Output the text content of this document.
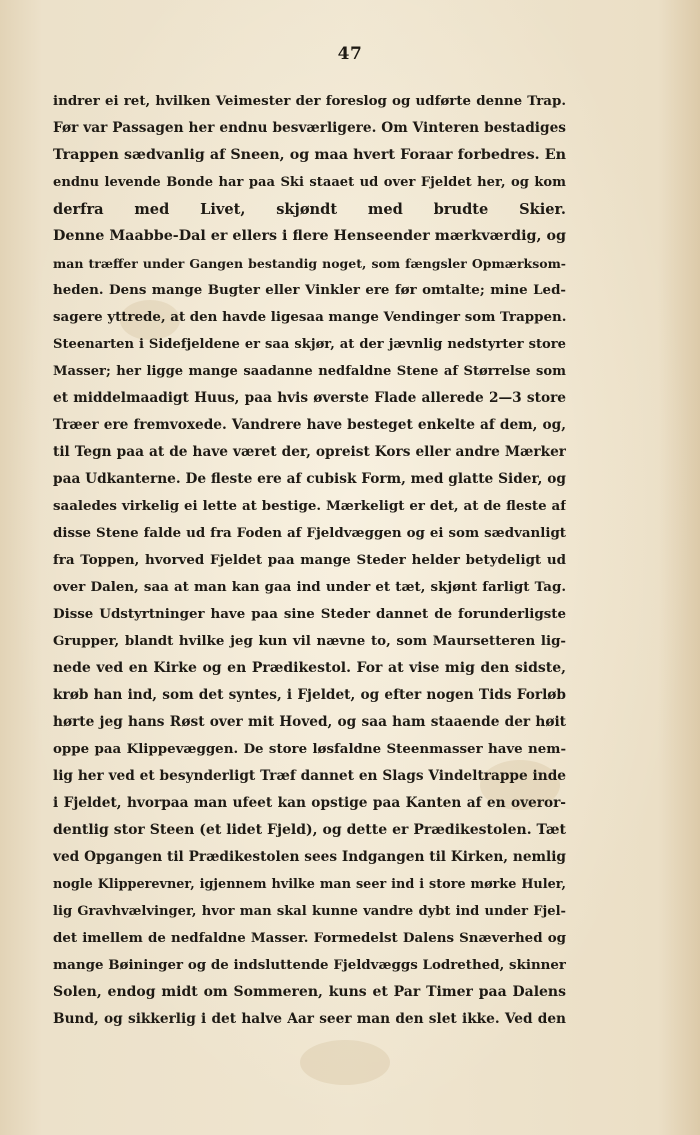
47
indrer ei ret, hvilken Veimester der foreslog og udførte denne Trap.
Før var Passagen her endnu besværligere. Om Vinteren bestadiges
Trappen sædvanlig af Sneen, og maa hvert Foraar forbedres. En
endnu levende Bonde har paa Ski staaet ud over Fjeldet her, og kom
derfra med Livet, skjøndt med brudte Skier.
Denne Maabbe-Dal er ellers i flere Henseender mærkværdig, og
man træffer under Gangen bestandig noget, som fængsler Opmærksom-
heden. Dens mange Bugter eller Vinkler ere før omtalte; mine Led-
sagere yttrede, at den havde ligesaa mange Vendinger som Trappen.
Steenarten i Sidefjeldene er saa skjør, at der jævnlig nedstyrter store
Masser; her ligge mange saadanne nedfaldne Stene af Størrelse som
et middelmaadigt Huus, paa hvis øverste Flade allerede 2—3 store
Træer ere fremvoxede. Vandrere have besteget enkelte af dem, og,
til Tegn paa at de have været der, opreist Kors eller andre Mærker
paa Udkanterne. De fleste ere af cubisk Form, med glatte Sider, og
saaledes virkelig ei lette at bestige. Mærkeligt er det, at de fleste af
disse Stene falde ud fra Foden af Fjeldvæggen og ei som sædvanligt
fra Toppen, hvorved Fjeldet paa mange Steder helder betydeligt ud
over Dalen, saa at man kan gaa ind under et tæt, skjønt farligt Tag.
Disse Udstyrtninger have paa sine Steder dannet de forunderligste
Grupper, blandt hvilke jeg kun vil nævne to, som Maursetteren lig-
nede ved en Kirke og en Prædikestol. For at vise mig den sidste,
krøb han ind, som det syntes, i Fjeldet, og efter nogen Tids Forløb
hørte jeg hans Røst over mit Hoved, og saa ham staaende der høit
oppe paa Klippevæggen. De store løsfaldne Steenmasser have nem-
lig her ved et besynderligt Træf dannet en Slags Vindeltrappe inde
i Fjeldet, hvorpaa man ufeet kan opstige paa Kanten af en overor-
dentlig stor Steen (et lidet Fjeld), og dette er Prædikestolen. Tæt
ved Opgangen til Prædikestolen sees Indgangen til Kirken, nemlig
nogle Klipperevner, igjennem hvilke man seer ind i store mørke Huler,
lig Gravhvælvinger, hvor man skal kunne vandre dybt ind under Fjel-
det imellem de nedfaldne Masser. Formedelst Dalens Snæverhed og
mange Bøininger og de indsluttende Fjeldvæggs Lodrethed, skinner
Solen, endog midt om Sommeren, kuns et Par Timer paa Dalens
Bund, og sikkerlig i det halve Aar seer man den slet ikke. Ved den
